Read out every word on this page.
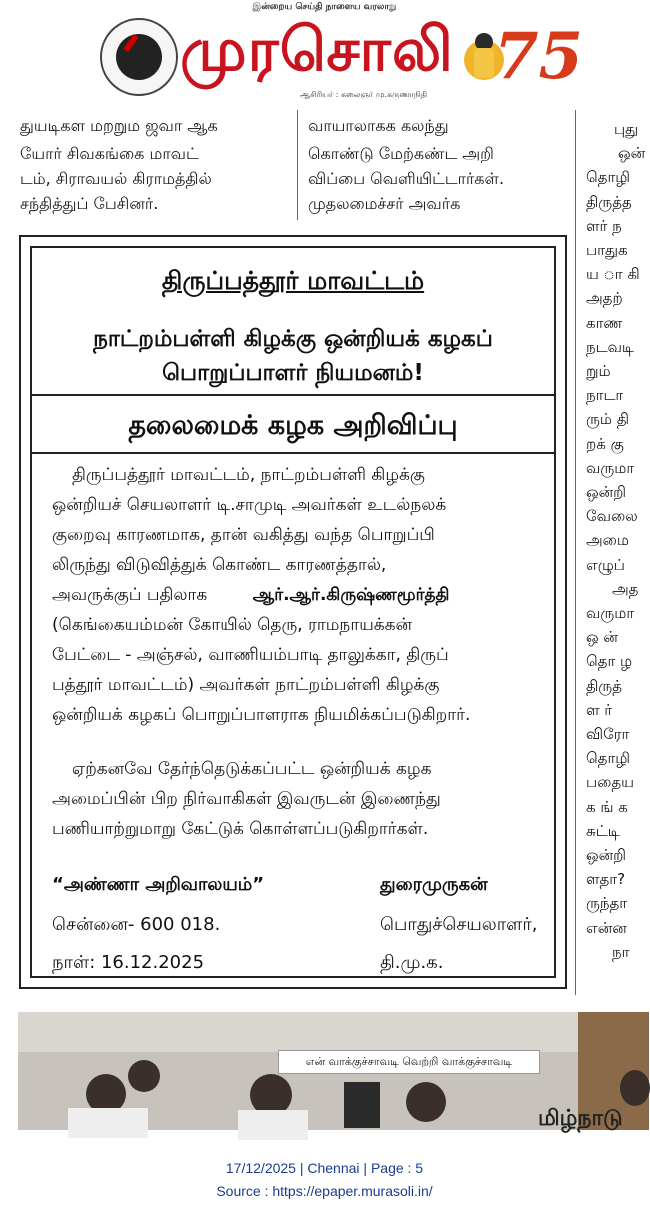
இன்றைய செய்தி நாளைய வரலாறு
முரசொலி
ஆசிரியர் : கலைஞர் மு.கருணாநிதி
75
துயடிகள மறறும ஜவா ஆக
யோர் சிவகங்கை மாவட்
டம், சிராவயல் கிராமத்தில்
சந்தித்துப் பேசினர்.
வாயாலாகக கலந்து
கொண்டு மேற்கண்ட அறி
விப்பை வெளியிட்டார்கள்.
முதலமைச்சர் அவர்க
புது
ஒன்
தொழி
திருத்த
ளர் ந
பாதுக
ய ா கி
அதற்
காண
நடவடி
றும்
நாடா
ரும் தி
றக் கு
வருமா
ஒன்றி
வேலை
அமை
எழுப்
அத
வருமா
ஒ ன்
தொ ழ
திருத்
ள ர்
விரோ
தொழி
பதைய
க ங் க
சுட்டி
ஒன்றி
ளதா?
ருந்தா
என்ன
நா
திருப்பத்தூர் மாவட்டம்
நாட்றம்பள்ளி கிழக்கு ஒன்றியக் கழகப் பொறுப்பாளர் நியமனம்!
தலைமைக் கழக அறிவிப்பு
திருப்பத்தூர் மாவட்டம், நாட்றம்பள்ளி கிழக்கு
ஒன்றியச் செயலாளர் டி.சாமுடி அவர்கள் உடல்நலக்
குறைவு காரணமாக, தான் வகித்து வந்த பொறுப்பி
லிருந்து விடுவித்துக் கொண்ட காரணத்தால்,
அவருக்குப் பதிலாக	ஆர்.ஆர்.கிருஷ்ணமூர்த்தி
(கெங்கையம்மன் கோயில் தெரு, ராமநாயக்கன்
பேட்டை - அஞ்சல், வாணியம்பாடி தாலுக்கா, திருப்
பத்தூர் மாவட்டம்) அவர்கள் நாட்றம்பள்ளி கிழக்கு
ஒன்றியக் கழகப் பொறுப்பாளராக நியமிக்கப்படுகிறார்.
ஏற்கனவே தேர்ந்தெடுக்கப்பட்ட ஒன்றியக் கழக
அமைப்பின் பிற நிர்வாகிகள் இவருடன் இணைந்து
பணியாற்றுமாறு கேட்டுக் கொள்ளப்படுகிறார்கள்.
“அண்ணா அறிவாலயம்”	துரைமுருகன்
சென்னை- 600 018.	பொதுச்செயலாளர்,
நாள்: 16.12.2025	தி.மு.க.
என் வாக்குச்சாவடி வெற்றி வாக்குச்சாவடி
மிழ்நாடு
17/12/2025 | Chennai | Page : 5
Source : https://epaper.murasoli.in/
